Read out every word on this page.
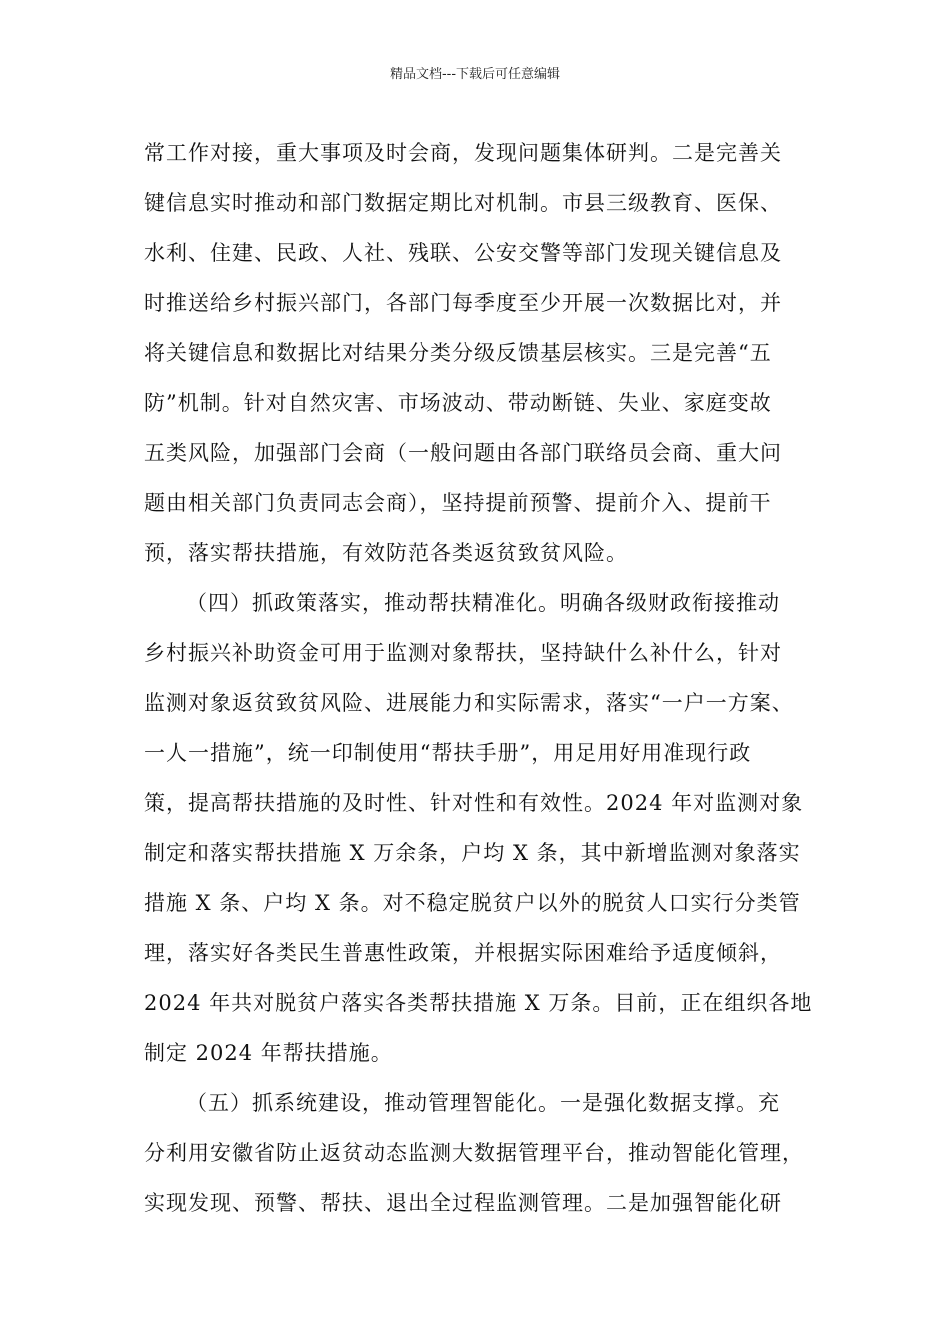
精品文档---下载后可任意编辑
常工作对接，重大事项及时会商，发现问题集体研判。二是完善关
键信息实时推动和部门数据定期比对机制。市县三级教育、医保、
水利、住建、民政、人社、残联、公安交警等部门发现关键信息及
时推送给乡村振兴部门，各部门每季度至少开展一次数据比对，并
将关键信息和数据比对结果分类分级反馈基层核实。三是完善“五
防”机制。针对自然灾害、市场波动、带动断链、失业、家庭变故
五类风险，加强部门会商（一般问题由各部门联络员会商、重大问
题由相关部门负责同志会商），坚持提前预警、提前介入、提前干
预，落实帮扶措施，有效防范各类返贫致贫风险。
（四）抓政策落实，推动帮扶精准化。明确各级财政衔接推动
乡村振兴补助资金可用于监测对象帮扶，坚持缺什么补什么，针对
监测对象返贫致贫风险、进展能力和实际需求，落实“一户一方案、
一人一措施”，统一印制使用“帮扶手册”，用足用好用准现行政
策，提高帮扶措施的及时性、针对性和有效性。2024 年对监测对象
制定和落实帮扶措施 X 万余条，户均 X 条，其中新增监测对象落实
措施 X 条、户均 X 条。对不稳定脱贫户以外的脱贫人口实行分类管
理，落实好各类民生普惠性政策，并根据实际困难给予适度倾斜，
2024 年共对脱贫户落实各类帮扶措施 X 万条。目前，正在组织各地
制定 2024 年帮扶措施。
（五）抓系统建设，推动管理智能化。一是强化数据支撑。充
分利用安徽省防止返贫动态监测大数据管理平台，推动智能化管理，
实现发现、预警、帮扶、退出全过程监测管理。二是加强智能化研
